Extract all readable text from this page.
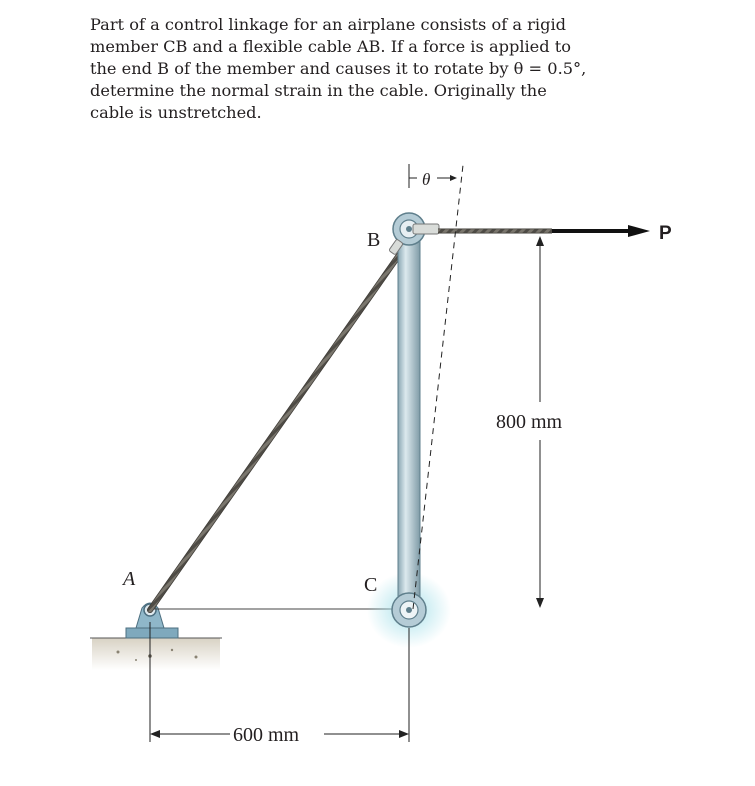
Part of a control linkage for an airplane consists of a rigid
member CB and a flexible cable AB. If a force is applied to
the end B of the member and causes it to rotate by θ = 0.5°,
determine the normal strain in the cable. Originally the
cable is unstretched.
B
C
A
P
θ
800 mm
600 mm
